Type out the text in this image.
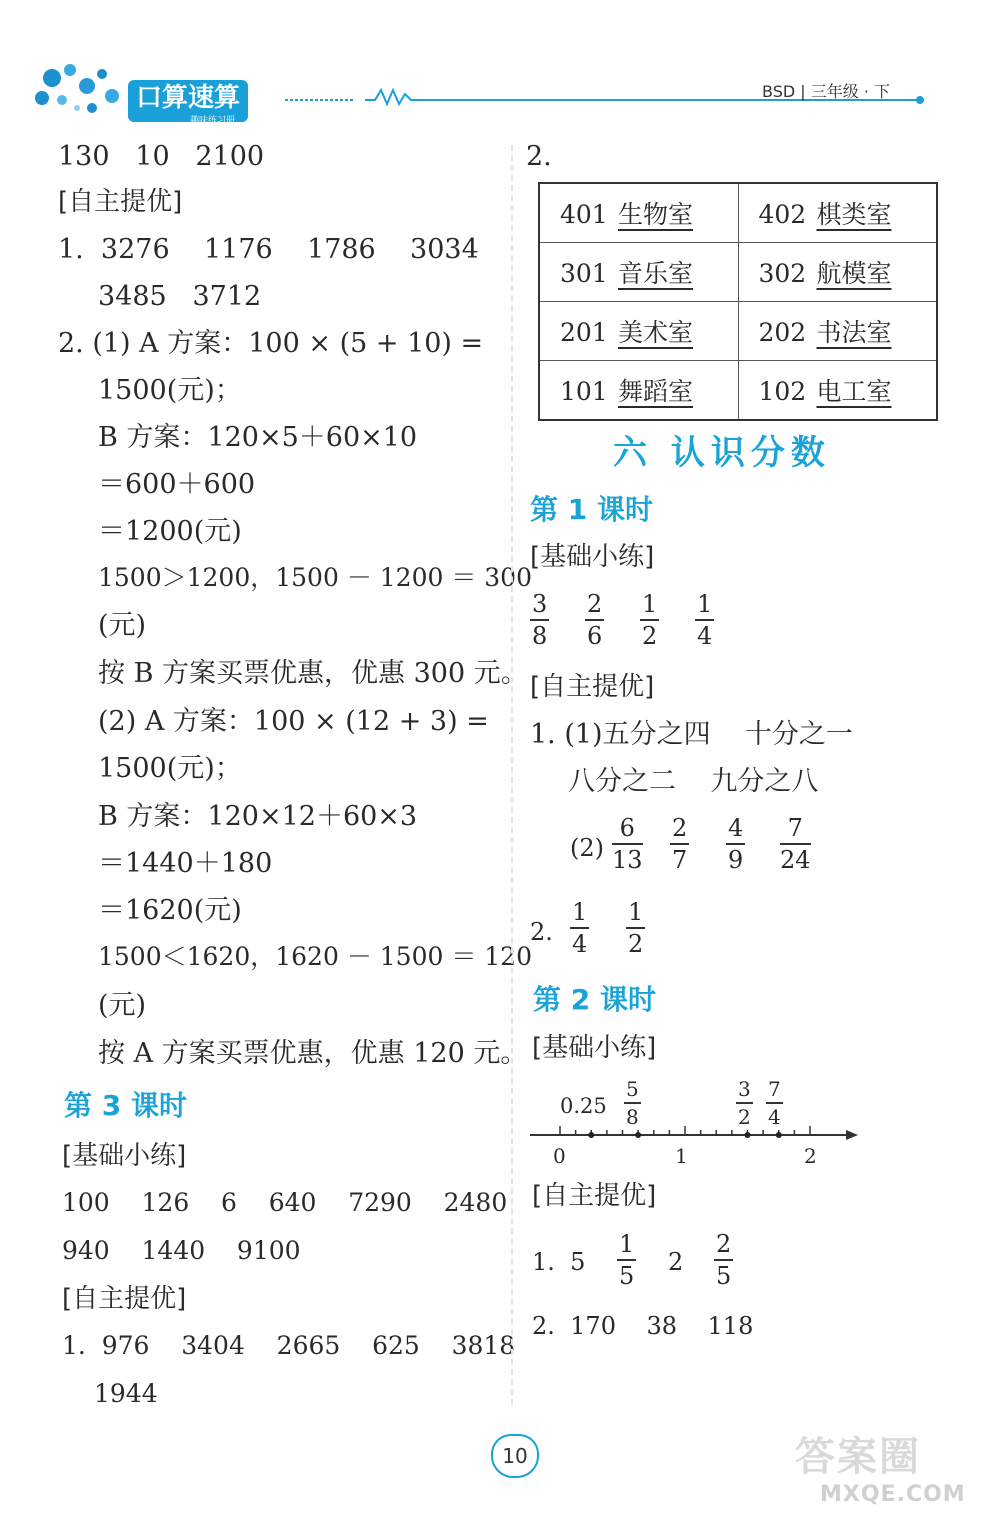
口算速算
趣味练习册
BSD | 三年级 · 下
130   10   2100
[自主提优]
1.  3276    1176    1786    3034
3485   3712
2. (1) A 方案：100 × (5 + 10) =
1500(元)；
B 方案：120×5＋60×10
＝600＋600
＝1200(元)
1500＞1200，1500 － 1200 ＝ 300
(元)
按 B 方案买票优惠，优惠 300 元。
(2) A 方案：100 × (12 + 3) =
1500(元)；
B 方案：120×12＋60×3
＝1440＋180
＝1620(元)
1500＜1620，1620 － 1500 ＝ 120
(元)
按 A 方案买票优惠，优惠 120 元。
第 3 课时
[基础小练]
100    126    6    640    7290    2480
940    1440    9100
[自主提优]
1.  976    3404    2665    625    3818
1944
2.
401 生物室	402 棋类室
301 音乐室	302 航模室
201 美术室	202 书法室
101 舞蹈室	102 电工室
六 认识分数
第 1 课时
[基础小练]
3
8
2
6
1
2
1
4
[自主提优]
1. (1)五分之四    十分之一
八分之二    九分之八
(2)
6
13
2
7
4
9
7
24
2.
1
4
1
2
第 2 课时
[基础小练]
0.25
5
8
3
2
7
4
0	1	2
[自主提优]
1.  5
1
5 2
2
5
2.  170    38    118
10	答案圈
MXQE.COM
